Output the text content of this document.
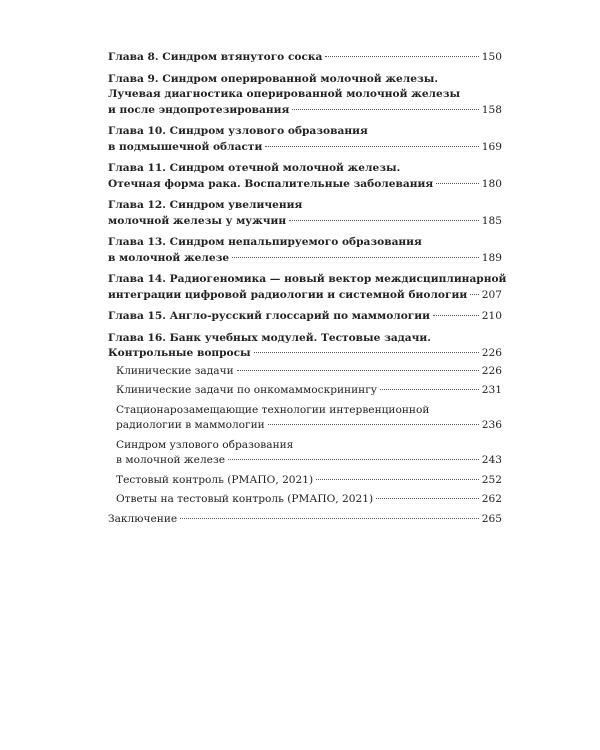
Глава 8. Синдром втянутого соска	150
Глава 9. Синдром оперированной молочной железы.
Лучевая диагностика оперированной молочной железы
и после эндопротезирования	158
Глава 10. Синдром узлового образования
в подмышечной области	169
Глава 11. Синдром отечной молочной железы.
Отечная форма рака. Воспалительные заболевания	180
Глава 12. Синдром увеличения
молочной железы у мужчин	185
Глава 13. Синдром непальпируемого образования
в молочной железе	189
Глава 14. Радиогеномика — новый вектор междисциплинарной
интеграции цифровой радиологии и системной биологии 207
Глава 15. Англо-русский глоссарий по маммологии	210
Глава 16. Банк учебных модулей. Тестовые задачи.
Контрольные вопросы	226
Клинические задачи	226
Клинические задачи по онкомаммоскринингу	231
Стационарозамещающие технологии интервенционной
радиологии в маммологии	236
Синдром узлового образования
в молочной железе	243
Тестовый контроль (РМАПО, 2021)	252
Ответы на тестовый контроль (РМАПО, 2021)	262
Заключение	265
